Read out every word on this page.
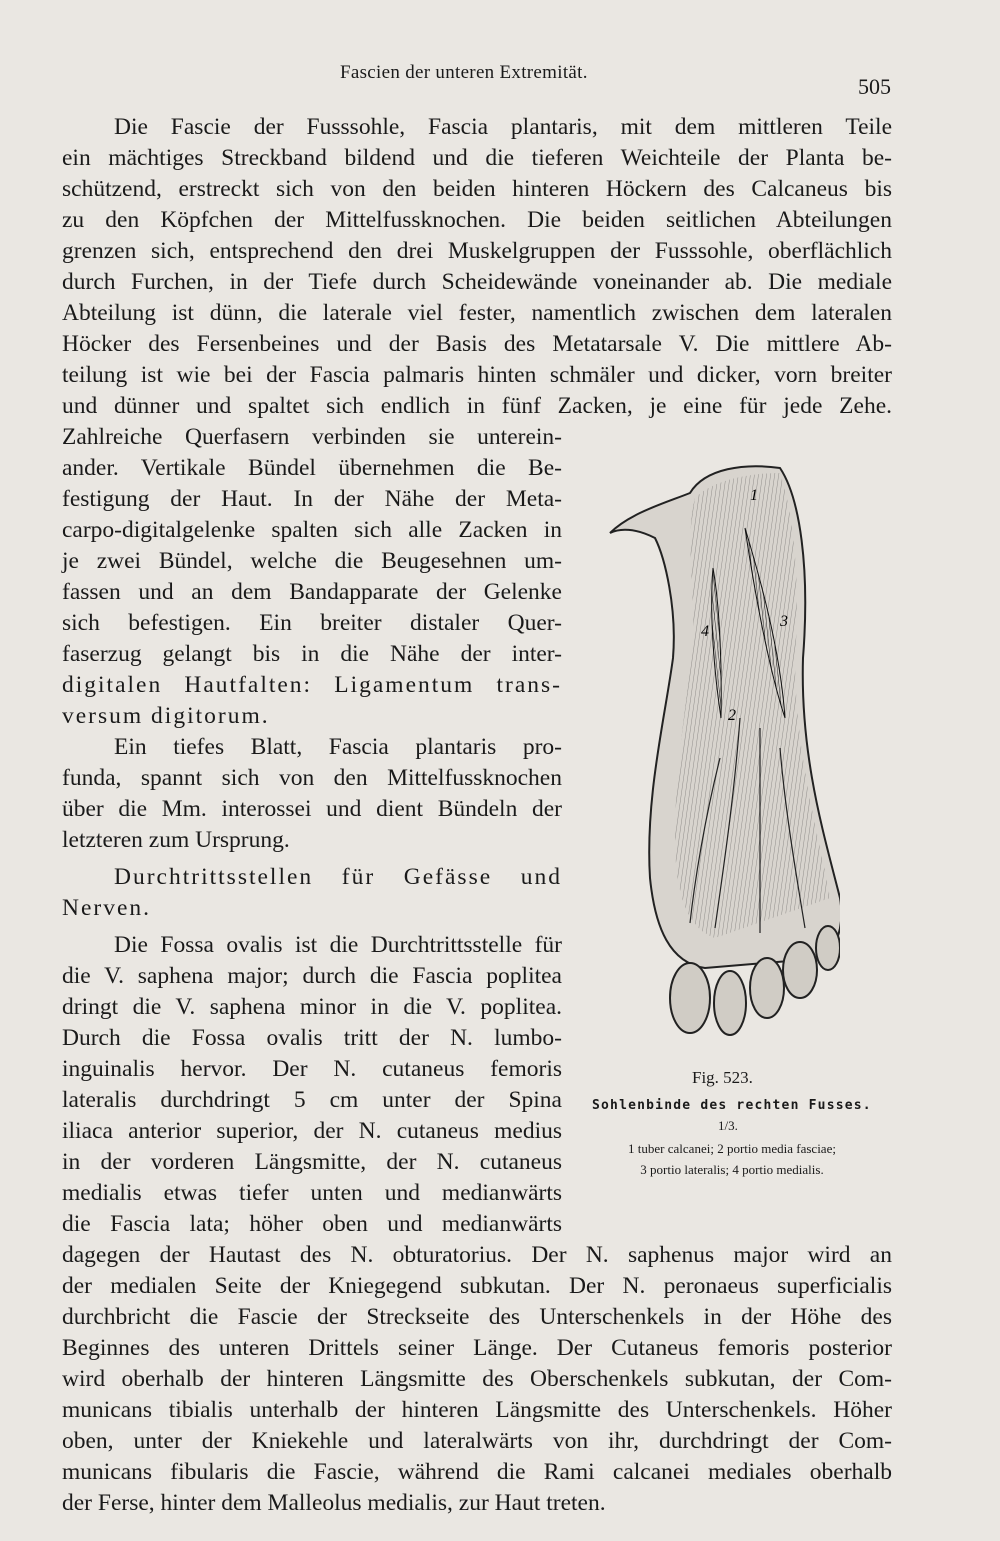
Fascien der unteren Extremität.
505
Die Fascie der Fusssohle, Fascia plantaris, mit dem mittleren Teile
ein mächtiges Streckband bildend und die tieferen Weichteile der Planta be-
schützend, erstreckt sich von den beiden hinteren Höckern des Calcaneus bis
zu den Köpfchen der Mittelfussknochen. Die beiden seitlichen Abteilungen
grenzen sich, entsprechend den drei Muskelgruppen der Fusssohle, oberflächlich
durch Furchen, in der Tiefe durch Scheidewände voneinander ab. Die mediale
Abteilung ist dünn, die laterale viel fester, namentlich zwischen dem lateralen
Höcker des Fersenbeines und der Basis des Metatarsale V. Die mittlere Ab-
teilung ist wie bei der Fascia palmaris hinten schmäler und dicker, vorn breiter
und dünner und spaltet sich endlich in fünf Zacken, je eine für jede Zehe.
Zahlreiche Querfasern verbinden sie unterein-
ander. Vertikale Bündel übernehmen die Be-
festigung der Haut. In der Nähe der Meta-
carpo-digitalgelenke spalten sich alle Zacken in
je zwei Bündel, welche die Beugesehnen um-
fassen und an dem Bandapparate der Gelenke
sich befestigen. Ein breiter distaler Quer-
faserzug gelangt bis in die Nähe der inter-
digitalen Hautfalten: Ligamentum trans-
versum digitorum.
Ein tiefes Blatt, Fascia plantaris pro-
funda, spannt sich von den Mittelfussknochen
über die Mm. interossei und dient Bündeln der
letzteren zum Ursprung.
Durchtrittsstellen für Gefässe und
Nerven.
Die Fossa ovalis ist die Durchtrittsstelle für
die V. saphena major; durch die Fascia poplitea
dringt die V. saphena minor in die V. poplitea.
Durch die Fossa ovalis tritt der N. lumbo-
inguinalis hervor. Der N. cutaneus femoris
lateralis durchdringt 5 cm unter der Spina
iliaca anterior superior, der N. cutaneus medius
in der vorderen Längsmitte, der N. cutaneus
medialis etwas tiefer unten und medianwärts
die Fascia lata; höher oben und medianwärts
dagegen der Hautast des N. obturatorius. Der N. saphenus major wird an
der medialen Seite der Kniegegend subkutan. Der N. peronaeus superficialis
durchbricht die Fascie der Streckseite des Unterschenkels in der Höhe des
Beginnes des unteren Drittels seiner Länge. Der Cutaneus femoris posterior
wird oberhalb der hinteren Längsmitte des Oberschenkels subkutan, der Com-
municans tibialis unterhalb der hinteren Längsmitte des Unterschenkels. Höher
oben, unter der Kniekehle und lateralwärts von ihr, durchdringt der Com-
municans fibularis die Fascie, während die Rami calcanei mediales oberhalb
der Ferse, hinter dem Malleolus medialis, zur Haut treten.
1
2
3
4
Fig. 523.
Sohlenbinde des rechten Fusses.
1/3.
1 tuber calcanei; 2 portio media fasciae;
3 portio lateralis; 4 portio medialis.
